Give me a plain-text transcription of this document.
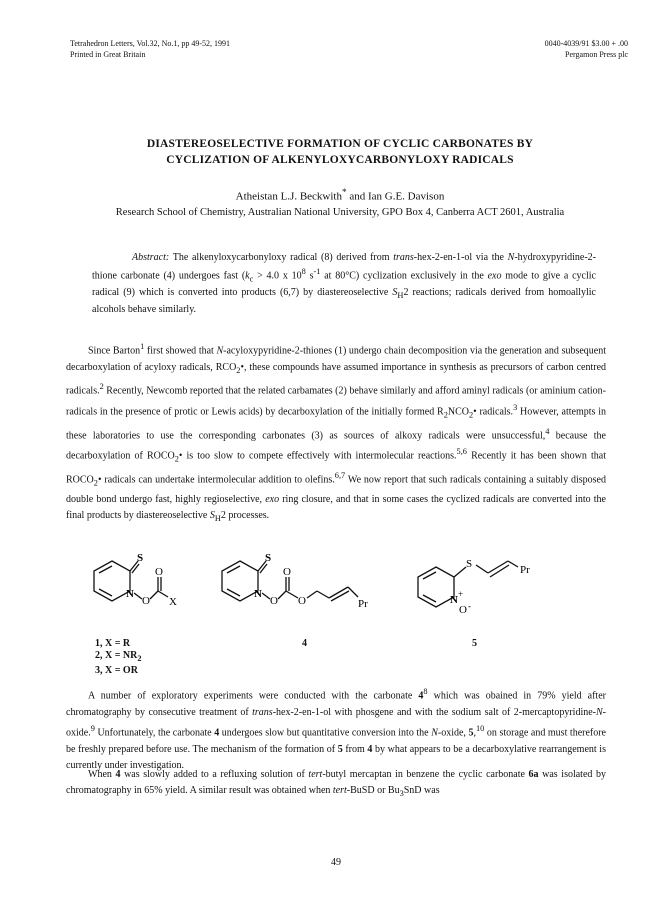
Tetrahedron Letters, Vol.32, No.1, pp 49-52, 1991
Printed in Great Britain
0040-4039/91 $3.00 + .00
Pergamon Press plc
DIASTEREOSELECTIVE FORMATION OF CYCLIC CARBONATES BY
CYCLIZATION OF ALKENYLOXYCARBONYLOXY RADICALS
Atheistan L.J. Beckwith* and Ian G.E. Davison
Research School of Chemistry, Australian National University, GPO Box 4, Canberra ACT 2601, Australia

Abstract: The alkenyloxycarbonyloxy radical (8) derived from trans-hex-2-en-1-ol via the N-hydroxypyridine-2-thione carbonate (4) undergoes fast ($k_c > 4.0$ x $10^8$ $s^{-1}$ at 80°C) cyclization exclusively in the exo mode to give a cyclic radical (9) which is converted into products (6,7) by diastereoselective $S_H2$ reactions; radicals derived from homoallylic alcohols behave similarly.

Since Barton$^1$ first showed that N-acyloxypyridine-2-thiones (1) undergo chain decomposition via the generation and subsequent decarboxylation of acyloxy radicals, $RCO_2•$, these compounds have assumed importance in synthesis as precursors of carbon centred radicals.$^2$ Recently, Newcomb reported that the related carbamates (2) behave similarly and afford aminyl radicals (or aminium cation-radicals in the presence of protic or Lewis acids) by decarboxylation of the initially formed $R_2NCO_2•$ radicals.$^3$ However, attempts in these laboratories to use the corresponding carbonates (3) as sources of alkoxy radicals were unsuccessful,$^4$ because the decarboxylation of $ROCO_2•$ is too slow to compete effectively with intermolecular reactions.$^{5,6}$ Recently it has been shown that $ROCO_2•$ radicals can undertake intermolecular addition to olefins.$^{6,7}$ We now report that such radicals containing a suitably disposed double bond undergo fast, highly regioselective, exo ring closure, and that in some cases the cyclized radicals are converted into the final products by diastereoselective $S_H2$ processes.

S
N
O
O
X
S
N
O
O
O	Pr
S
N +
O -
Pr
1, X = R
2, $X = NR_2$
3, X = OR
4	5

A number of exploratory experiments were conducted with the carbonate $4^8$ which was obained in 79% yield after chromatography by consecutive treatment of trans-hex-2-en-1-ol with phosgene and with the sodium salt of 2-mercaptopyridine-N-oxide.$^9$ Unfortunately, the carbonate 4 undergoes slow but quantitative conversion into the N-oxide, 5,10 on storage and must therefore be freshly prepared before use. The mechanism of the formation of 5 from 4 by what appears to be a decarboxylative rearrangement is currently under investigation.

When 4 was slowly added to a refluxing solution of tert-butyl mercaptan in benzene the cyclic carbonate 6a was isolated by chromatography in 65% yield. A similar result was obtained when tert-BuSD or $Bu_3SnD$ was

49
